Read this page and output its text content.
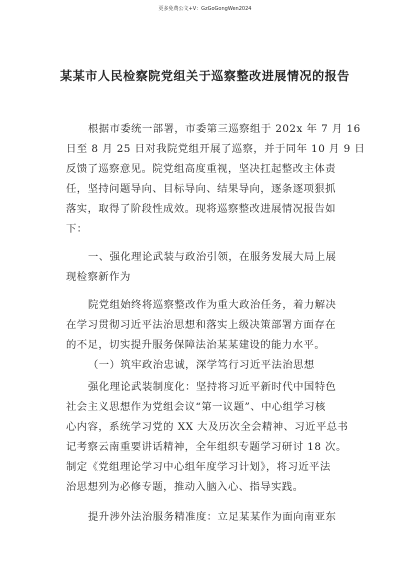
更多免费公文+V：GzGoGongWen2024
某某市人民检察院党组关于巡察整改进展情况的报告
根据市委统一部署，市委第三巡察组于 202x 年 7 月 16
日至 8 月 25 日对我院党组开展了巡察，并于同年 10 月 9 日
反馈了巡察意见。院党组高度重视，坚决扛起整改主体责
任，坚持问题导向、目标导向、结果导向，逐条逐项狠抓
落实，取得了阶段性成效。现将巡察整改进展情况报告如
下：
一、强化理论武装与政治引领，在服务发展大局上展
现检察新作为
院党组始终将巡察整改作为重大政治任务，着力解决
在学习贯彻习近平法治思想和落实上级决策部署方面存在
的不足，切实提升服务保障法治某某建设的能力水平。
（一）筑牢政治忠诚，深学笃行习近平法治思想
强化理论武装制度化：坚持将习近平新时代中国特色
社会主义思想作为党组会议“第一议题”、中心组学习核
心内容，系统学习党的 XX 大及历次全会精神、习近平总书
记考察云南重要讲话精神，全年组织专题学习研讨 18 次。
制定《党组理论学习中心组年度学习计划》，将习近平法
治思想列为必修专题，推动入脑入心、指导实践。
提升涉外法治服务精准度：立足某某作为面向南亚东
